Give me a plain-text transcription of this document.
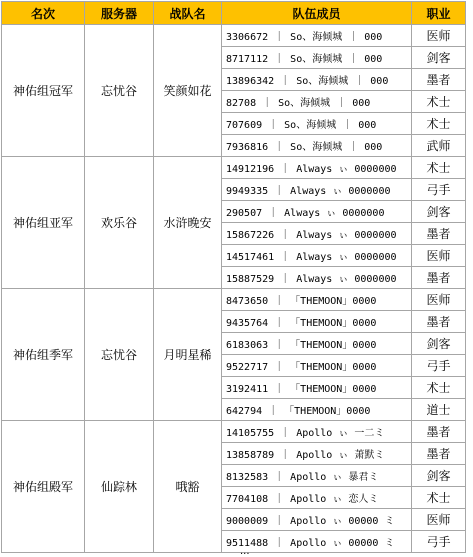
名次	服务器	战队名	队伍成员	职业
神佑组冠军	忘忧谷	笑颜如花	3306672 ｜ So、海倾城 ｜ 000	医师
			8717112 ｜ So、海倾城 ｜ 000	剑客
			13896342 ｜ So、海倾城 ｜ 000	墨者
			82708 ｜ So、海倾城 ｜ 000	术士
			707609 ｜ So、海倾城 ｜ 000	术士
			7936816 ｜ So、海倾城 ｜ 000	武师
神佑组亚军	欢乐谷	水浒晚安	14912196 ｜ Always ぃ 0000000	术士
			9949335 ｜ Always ぃ 0000000	弓手
			290507 ｜ Always ぃ 0000000	剑客
			15867226 ｜ Always ぃ 0000000	墨者
			14517461 ｜ Always ぃ 0000000	医师
			15887529 ｜ Always ぃ 0000000	墨者
神佑组季军	忘忧谷	月明星稀	8473650 ｜ 「THEMOON」0000	医师
			9435764 ｜ 「THEMOON」0000	墨者
			6183063 ｜ 「THEMOON」0000	剑客
			9522717 ｜ 「THEMOON」0000	弓手
			3192411 ｜ 「THEMOON」0000	术士
			642794 ｜ 「THEMOON」0000	道士
神佑组殿军	仙踪林	哦豁	14105755 ｜ Apollo ぃ 一二ミ	墨者
			13858789 ｜ Apollo ぃ 萧默ミ	墨者
			8132583 ｜ Apollo ぃ 暴君ミ	剑客
			7704108 ｜ Apollo ぃ 恋人ミ	术士
			9000009 ｜ Apollo ぃ 00000 ミ	医师
			9511488 ｜ Apollo ぃ 00000 ミ	弓手
...
